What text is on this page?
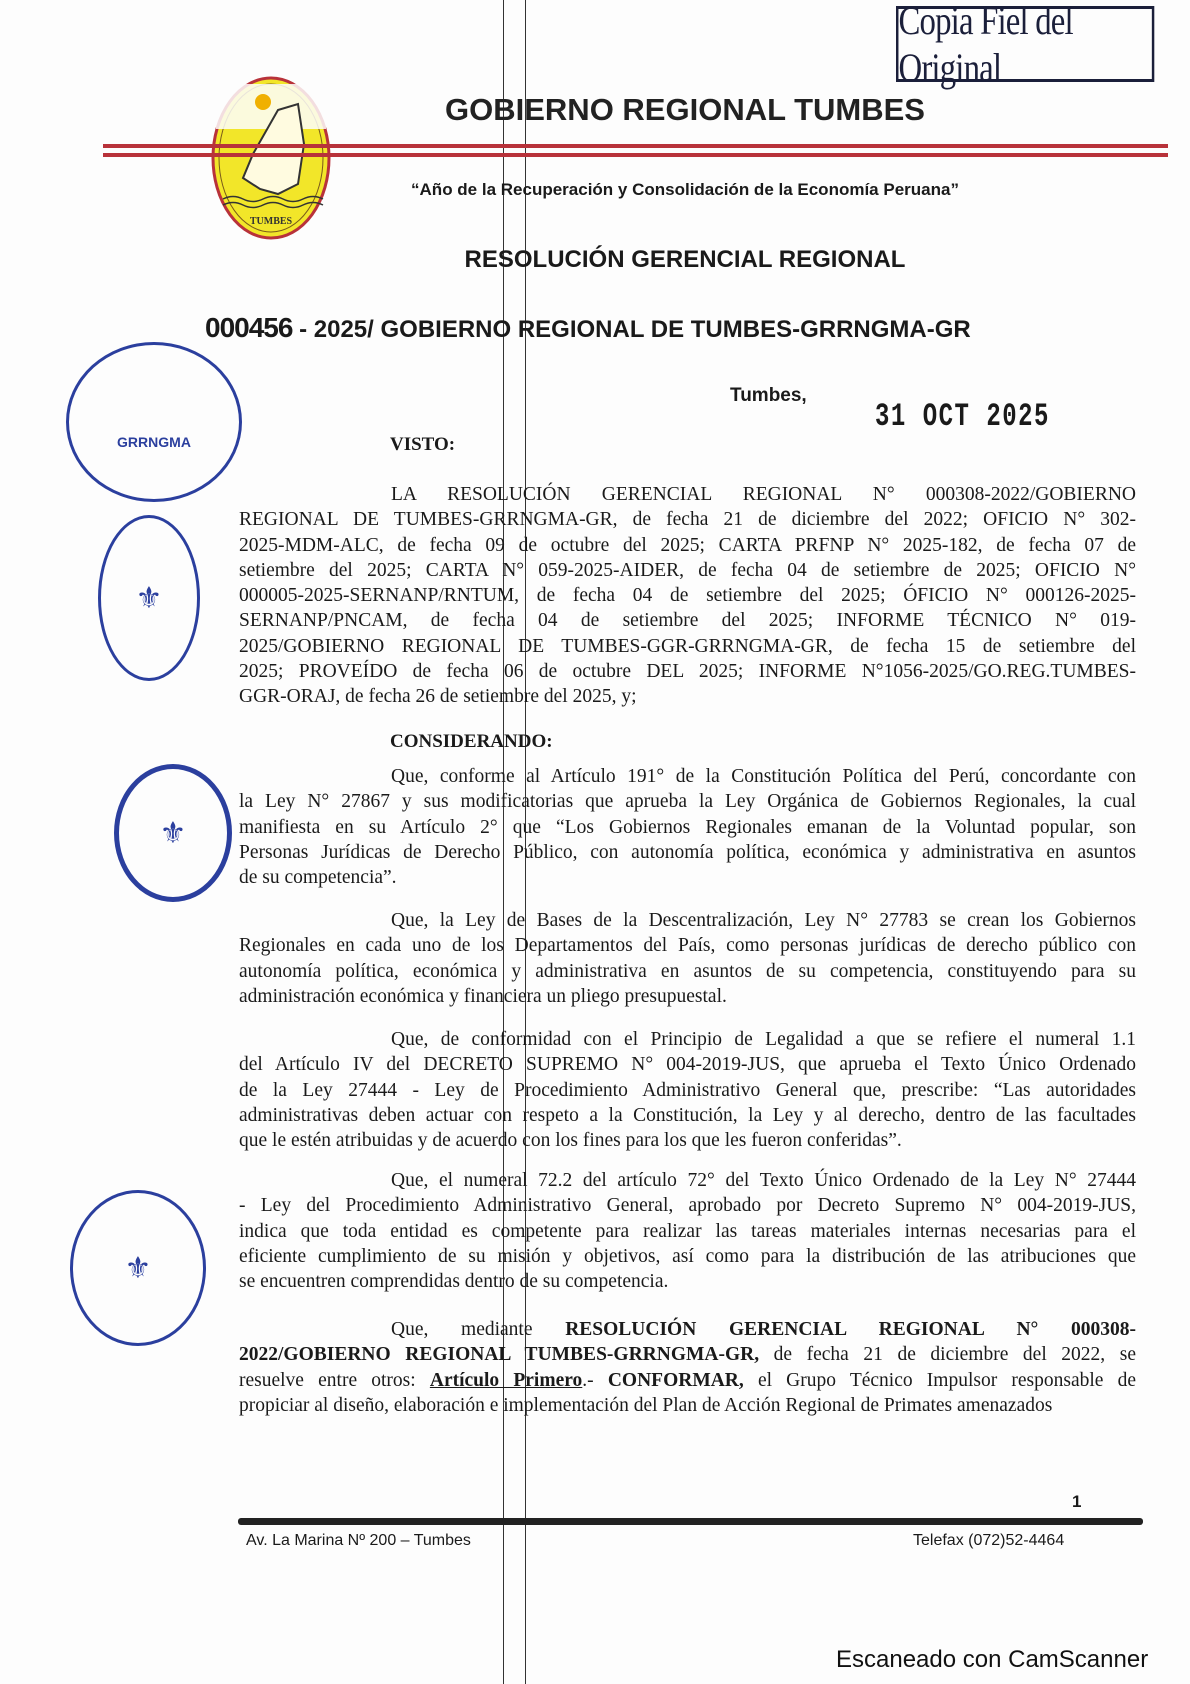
Copia Fiel del Original
TUMBES
GOBIERNO REGIONAL TUMBES
“Año de la Recuperación y Consolidación de la Economía Peruana”
RESOLUCIÓN GERENCIAL REGIONAL
000456 - 2025/ GOBIERNO REGIONAL DE TUMBES-GRRNGMA-GR
Tumbes,
31 OCT 2025
GRRNGMA
⚜
⚜
⚜
VISTO:
LA RESOLUCIÓN GERENCIAL REGIONAL N° 000308-2022/GOBIERNO
REGIONAL DE TUMBES-GRRNGMA-GR, de fecha 21 de diciembre del 2022; OFICIO N° 302-
2025-MDM-ALC, de fecha 09 de octubre del 2025; CARTA PRFNP N° 2025-182, de fecha 07 de
setiembre del 2025; CARTA N° 059-2025-AIDER, de fecha 04 de setiembre de 2025; OFICIO N°
000005-2025-SERNANP/RNTUM, de fecha 04 de setiembre del 2025; ÓFICIO N° 000126-2025-
SERNANP/PNCAM, de fecha 04 de setiembre del 2025; INFORME TÉCNICO N° 019-
2025/GOBIERNO REGIONAL DE TUMBES-GGR-GRRNGMA-GR, de fecha 15 de setiembre del
2025; PROVEÍDO de fecha 06 de octubre DEL 2025; INFORME N°1056-2025/GO.REG.TUMBES-
GGR-ORAJ, de fecha 26 de setiembre del 2025, y;
CONSIDERANDO:
Que, conforme al Artículo 191° de la Constitución Política del Perú, concordante con
la Ley N° 27867 y sus modificatorias que aprueba la Ley Orgánica de Gobiernos Regionales, la cual
manifiesta en su Artículo 2° que “Los Gobiernos Regionales emanan de la Voluntad popular, son
Personas Jurídicas de Derecho Público, con autonomía política, económica y administrativa en asuntos
de su competencia”.
Que, la Ley de Bases de la Descentralización, Ley N° 27783 se crean los Gobiernos
Regionales en cada uno de los Departamentos del País, como personas jurídicas de derecho público con
autonomía política, económica y administrativa en asuntos de su competencia, constituyendo para su
administración económica y financiera un pliego presupuestal.
Que, de conformidad con el Principio de Legalidad a que se refiere el numeral 1.1
del Artículo IV del DECRETO SUPREMO N° 004-2019-JUS, que aprueba el Texto Único Ordenado
de la Ley 27444 - Ley de Procedimiento Administrativo General que, prescribe: “Las autoridades
administrativas deben actuar con respeto a la Constitución, la Ley y al derecho, dentro de las facultades
que le estén atribuidas y de acuerdo con los fines para los que les fueron conferidas”.
Que, el numeral 72.2 del artículo 72° del Texto Único Ordenado de la Ley N° 27444
- Ley del Procedimiento Administrativo General, aprobado por Decreto Supremo N° 004-2019-JUS,
indica que toda entidad es competente para realizar las tareas materiales internas necesarias para el
eficiente cumplimiento de su misión y objetivos, así como para la distribución de las atribuciones que
se encuentren comprendidas dentro de su competencia.
Que, mediante RESOLUCIÓN GERENCIAL REGIONAL N° 000308-
2022/GOBIERNO REGIONAL TUMBES-GRRNGMA-GR, de fecha 21 de diciembre del 2022, se
resuelve entre otros: Artículo Primero.- CONFORMAR, el Grupo Técnico Impulsor responsable de
propiciar al diseño, elaboración e implementación del Plan de Acción Regional de Primates amenazados
1
Av. La Marina Nº 200 – Tumbes	Telefax (072)52-4464
Escaneado con CamScanner
